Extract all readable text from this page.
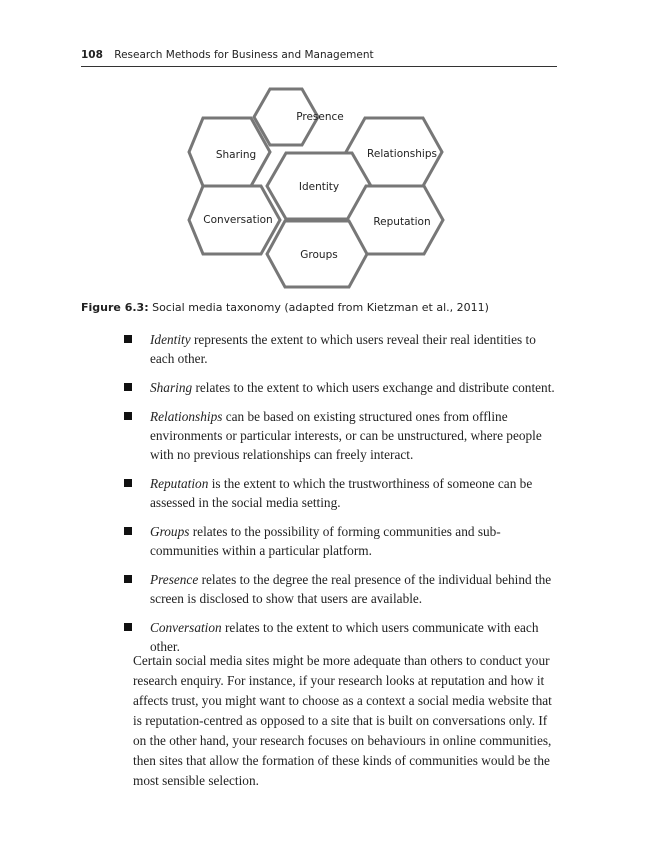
108 Research Methods for Business and Management
Presence
Sharing	Relationships
Identity
Conversation	Reputation
Groups
Figure 6.3: Social media taxonomy (adapted from Kietzman et al., 2011)
Identity represents the extent to which users reveal their real identities to each other.
Sharing relates to the extent to which users exchange and distribute content.
Relationships can be based on existing structured ones from offline environments or particular interests, or can be unstructured, where people with no previous relationships can freely interact.
Reputation is the extent to which the trustworthiness of someone can be assessed in the social media setting.
Groups relates to the possibility of forming communities and sub-communities within a particular platform.
Presence relates to the degree the real presence of the individual behind the screen is disclosed to show that users are available.
Conversation relates to the extent to which users communicate with each other.

Certain social media sites might be more adequate than others to conduct your research enquiry. For instance, if your research looks at reputation and how it affects trust, you might want to choose as a context a social media website that is reputation-centred as opposed to a site that is built on conversations only. If on the other hand, your research focuses on behaviours in online communities, then sites that allow the formation of these kinds of communities would be the most sensible selection.
